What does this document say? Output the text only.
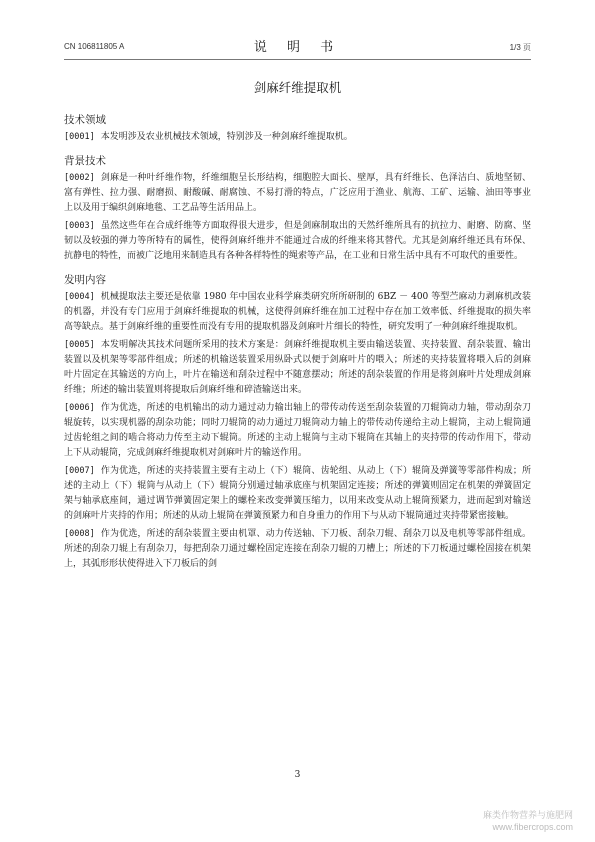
CN 106811805 A	说 明 书	1/3 页
剑麻纤维提取机
技术领域

[0001] 本发明涉及农业机械技术领域，特别涉及一种剑麻纤维提取机。

背景技术

[0002] 剑麻是一种叶纤维作物，纤维细胞呈长形结构，细胞腔大面长、壁厚，具有纤维长、色泽洁白、质地坚韧、富有弹性、拉力强、耐磨损、耐酸碱、耐腐蚀、不易打滑的特点，广泛应用于渔业、航海、工矿、运输、油田等事业上以及用于编织剑麻地毯、工艺品等生活用品上。

[0003] 虽然这些年在合成纤维等方面取得很大进步，但是剑麻制取出的天然纤维所具有的抗拉力、耐磨、防腐、坚韧以及较强的弹力等所特有的属性，使得剑麻纤维并不能通过合成的纤维来将其替代。尤其是剑麻纤维还具有环保、抗静电的特性，而被广泛地用来制造具有各种各样特性的绳索等产品，在工业和日常生活中具有不可取代的重要性。

发明内容

[0004] 机械提取法主要还是依靠 1980 年中国农业科学麻类研究所所研制的 6BZ － 400 等型苎麻动力剥麻机改装的机器，并没有专门应用于剑麻纤维提取的机械，这使得剑麻纤维在加工过程中存在加工效率低、纤维提取的损失率高等缺点。基于剑麻纤维的重要性而没有专用的提取机器及剑麻叶片细长的特性，研究发明了一种剑麻纤维提取机。

[0005] 本发明解决其技术问题所采用的技术方案是：剑麻纤维提取机主要由输送装置、夹持装置、刮杂装置、输出装置以及机架等零部件组成；所述的机输送装置采用纵卧式以便于剑麻叶片的喂入；所述的夹持装置将喂入后的剑麻叶片固定在其输送的方向上，叶片在输送和刮杂过程中不随意摆动；所述的刮杂装置的作用是将剑麻叶片处理成剑麻纤维；所述的输出装置则将提取后剑麻纤维和碎渣输送出来。

[0006] 作为优选，所述的电机输出的动力通过动力输出轴上的带传动传送至刮杂装置的刀辊筒动力轴，带动刮杂刀辊旋转，以实现机器的刮杂功能；同时刀辊筒的动力通过刀辊筒动力轴上的带传动传递给主动上辊筒，主动上辊筒通过齿轮组之间的啮合将动力传至主动下辊筒。所述的主动上辊筒与主动下辊筒在其轴上的夹持带的传动作用下，带动上下从动辊筒，完成剑麻纤维提取机对剑麻叶片的输送作用。

[0007] 作为优选，所述的夹持装置主要有主动上（下）辊筒、齿轮组、从动上（下）辊筒及弹簧等零部件构成；所述的主动上（下）辊筒与从动上（下）辊筒分别通过轴承底座与机架固定连接；所述的弹簧则固定在机架的弹簧固定架与轴承底座间，通过调节弹簧固定架上的螺栓来改变弹簧压缩力，以用来改变从动上辊筒预紧力，进而起到对输送的剑麻叶片夹持的作用；所述的从动上辊筒在弹簧预紧力和自身重力的作用下与从动下辊筒通过夹持带紧密接触。

[0008] 作为优选，所述的刮杂装置主要由机罩、动力传送轴、下刀板、刮杂刀辊、刮杂刀以及电机等零部件组成。所述的刮杂刀辊上有刮杂刀，每把刮杂刀通过螺栓固定连接在刮杂刀辊的刀槽上；所述的下刀板通过螺栓固接在机架上，其弧形形状使得进入下刀板后的剑

3
麻类作物营养与施肥网
www.fibercrops.com
